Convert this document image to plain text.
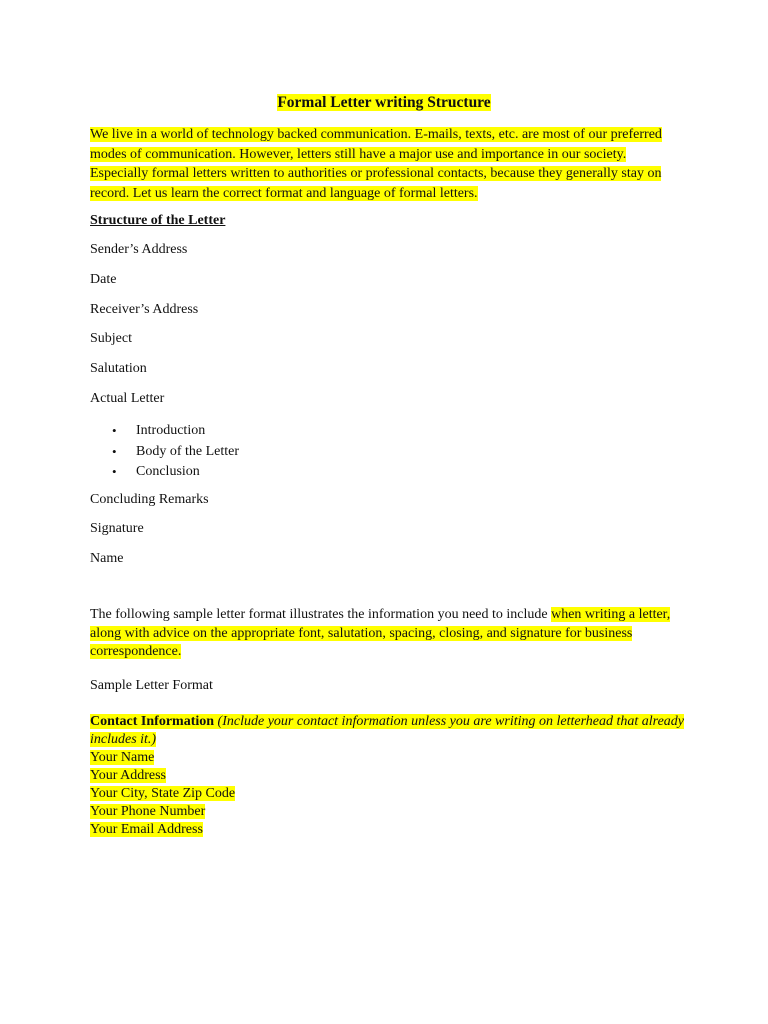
Formal Letter writing Structure

We live in a world of technology backed communication. E-mails, texts, etc. are most of our preferred modes of communication. However, letters still have a major use and importance in our society. Especially formal letters written to authorities or professional contacts, because they generally stay on record. Let us learn the correct format and language of formal letters.

Structure of the Letter
Sender’s Address
Date
Receiver’s Address
Subject
Salutation
Actual Letter
• Introduction
• Body of the Letter
• Conclusion
Concluding Remarks
Signature
Name

The following sample letter format illustrates the information you need to include when writing a letter, along with advice on the appropriate font, salutation, spacing, closing, and signature for business correspondence.

Sample Letter Format
Contact Information (Include your contact information unless you are writing on letterhead that already includes it.)
Your Name
Your Address
Your City, State Zip Code
Your Phone Number
Your Email Address
